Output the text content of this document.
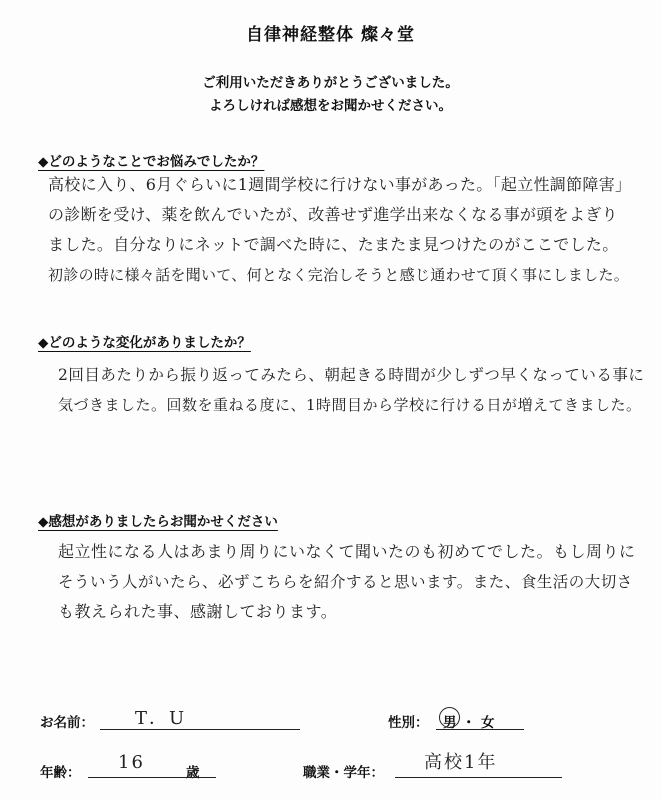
自律神経整体 燦々堂
ご利用いただきありがとうございました。
よろしければ感想をお聞かせください。
◆どのようなことでお悩みでしたか？
高校に入り、6月ぐらいに1週間学校に行けない事があった。「起立性調節障害」
の診断を受け、薬を飲んでいたが、改善せず進学出来なくなる事が頭をよぎり
ました。自分なりにネットで調べた時に、たまたま見つけたのがここでした。
初診の時に様々話を聞いて、何となく完治しそうと感じ通わせて頂く事にしました。
◆どのような変化がありましたか？
2回目あたりから振り返ってみたら、朝起きる時間が少しずつ早くなっている事に
気づきました。回数を重ねる度に、1時間目から学校に行ける日が増えてきました。
◆感想がありましたらお聞かせください
起立性になる人はあまり周りにいなくて聞いたのも初めてでした。もし周りに
そういう人がいたら、必ずこちらを紹介すると思います。また、食生活の大切さ
も教えられた事、感謝しております。
お名前： T．U	性別： 男 ・ 女
年齢： 16	歳	職業・学年： 高校1年
